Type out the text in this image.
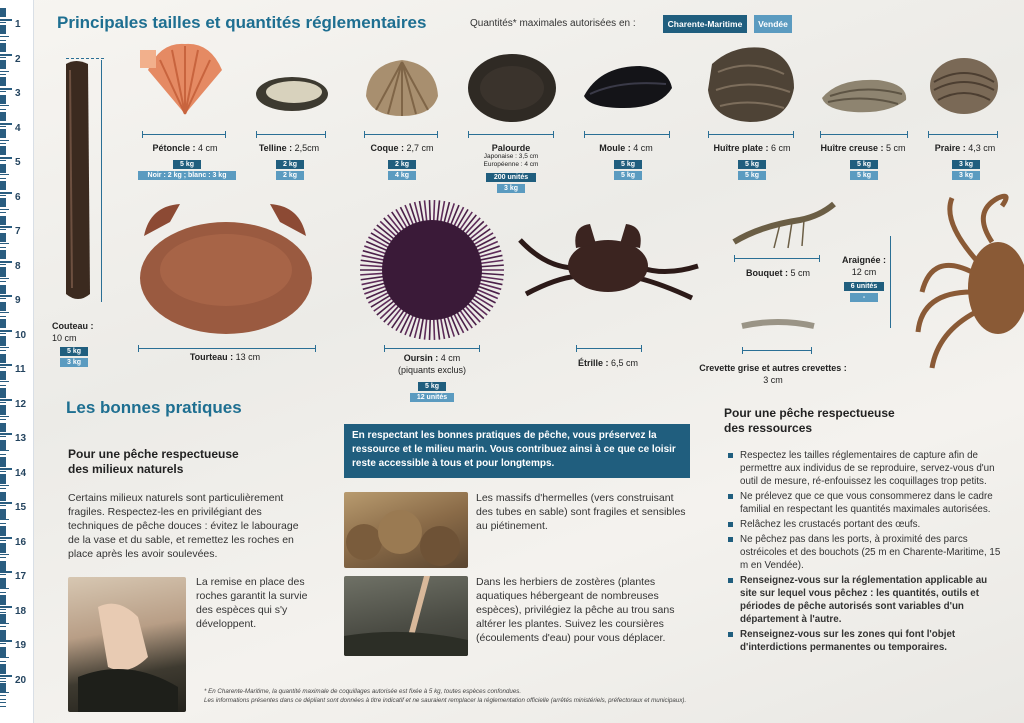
1
2
3
4
5
6
7
8
9
10
11
12
13
14
15
16
17
18
19
20
Principales tailles et quantités réglementaires	Quantités* maximales autorisées en :	Charente-Maritime	Vendée
Couteau :
10 cm
5 kg
3 kg
Pétoncle : 4 cm
5 kg
Noir : 2 kg ; blanc : 3 kg
Telline : 2,5cm
2 kg
2 kg
Coque : 2,7 cm
2 kg
4 kg
Palourde
Japonaise : 3,5 cm
Européenne : 4 cm
200 unités
3 kg
Moule : 4 cm
5 kg
5 kg
Huître plate : 6 cm
5 kg
5 kg
Huître creuse : 5 cm
5 kg
5 kg
Praire : 4,3 cm
3 kg
3 kg
Tourteau : 13 cm	Oursin : 4 cm
(piquants exclus)
5 kg
12 unités
Étrille : 6,5 cm
Bouquet : 5 cm
Crevette grise et autres crevettes :
3 cm
Araignée :
12 cm
6 unités
-
Les bonnes pratiques
Pour une pêche respectueuse
des milieux naturels
Certains milieux naturels sont particulièrement fragiles. Respectez-les en privilégiant des techniques de pêche douces : évitez le labourage de la vase et du sable, et remettez les roches en place après les avoir soulevées.
La remise en place des roches garantit la survie des espèces qui s'y développent.
En respectant les bonnes pratiques de pêche, vous préservez la ressource et le milieu marin. Vous contribuez ainsi à ce que ce loisir reste accessible à tous et pour longtemps.
Les massifs d'hermelles (vers construisant des tubes en sable) sont fragiles et sensibles au piétinement.
Dans les herbiers de zostères (plantes aquatiques hébergeant de nombreuses espèces), privilégiez la pêche au trou sans altérer les plantes. Suivez les coursières (écoulements d'eau) pour vous déplacer.
Pour une pêche respectueuse
des ressources
Respectez les tailles réglementaires de capture afin de permettre aux individus de se reproduire, servez-vous d'un outil de mesure, ré-enfouissez les coquillages trop petits.
Ne prélevez que ce que vous consommerez dans le cadre familial en respectant les quantités maximales autorisées.
Relâchez les crustacés portant des œufs.
Ne pêchez pas dans les ports, à proximité des parcs ostréicoles et des bouchots (25 m en Charente-Maritime, 15 m en Vendée).
Renseignez-vous sur la réglementation applicable au site sur lequel vous pêchez : les quantités, outils et périodes de pêche autorisés sont variables d'un département à l'autre.
Renseignez-vous sur les zones qui font l'objet d'interdictions permanentes ou temporaires.
* En Charente-Maritime, la quantité maximale de coquillages autorisée est fixée à 5 kg, toutes espèces confondues.
Les informations présentes dans ce dépliant sont données à titre indicatif et ne sauraient remplacer la réglementation officielle (arrêtés ministériels, préfectoraux et municipaux).
